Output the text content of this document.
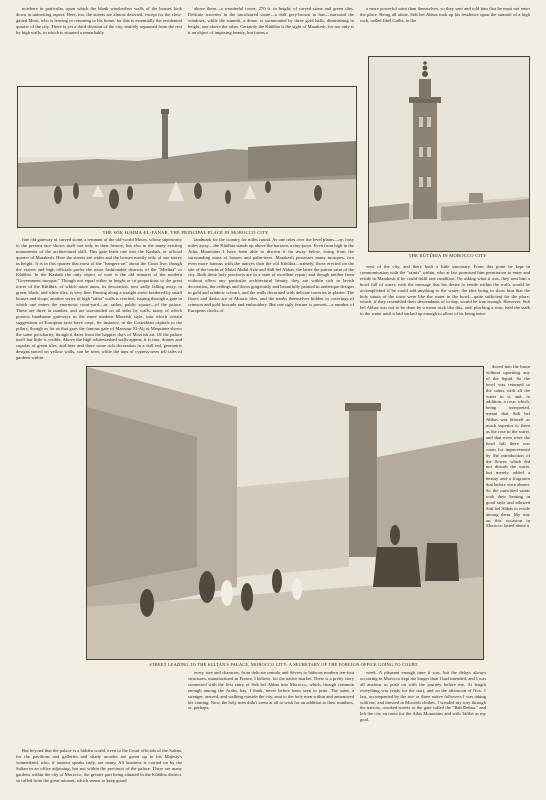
nowhere in particular, upon which the blank windowless walls of the houses look down in uninviting aspect. Here, too, the streets are almost deserted, except for the slow-gaited Moor, who is leaving or returning to his home, for this is essentially the residential quarter of the city. There is yet a third division of the city, entirely separated from the rest by high walls, in which is situated a remarkably

above them—a wonderful tower, 270 ft. in height, of carved stone and green tiles. Delicate traceries in the uncoloured stone—a dull grey-brown in hue—surround the windows, while the summit, a dome, is surmounted by three gold balls, diminishing in height, one above the other. Certainly the Kûtûbia is the sight of Marakesh, for not only is it an object of imposing beauty, but forms a

a more powerful saint than themselves, so they sent and told him that he must not enter the place. Being all alone, Sidi bel Abbas took up his residence upon the summit of a high rock, called Jibel Gallis, to the

THE SÓK JUMMA-EL-FANAR, THE PRINCIPAL PLACE IN MOROCCO CITY.
THE KÚTÚBIA IN MOROCCO CITY.

fine old gateway of carved stone, a remnant of the old-world Moors, whose superiority to the present race shows itself not only in their history, but also in the many existing monuments of the architectural skill. This gate leads one into the Kasbah, or official quarter of Marakesh. Here the streets are wider and the houses mostly only of one storey in height. It is in this quarter that most of the "hangers-on" about the Court live, though the viziers and high officials prefer the more fashionable districts of the "Medina" or Kûtûbia. In the Kasbah the only object of note is the old minaret of the modern "Government mosque." Though not equal either in height or in proportions to the great tower of the Kûtûbia, of which more anon, its decoration, now sadly falling away, in green, black, and white tiles, is very fine. Passing along a straight street bordered by small houses and shops, another series of high "tabia" walls is reached, issuing through a gate in which one enters the enormous court-yard—or, rather, public square—of the palace. These are three in number, and are surrounded on all sides by walls, many of which possess handsome gateways in the more modern Moorish style, into which certain suggestions of European taste have crept, for instance, in the Corinthian capitals to the pillars, though as far as that goes the famous gate of Mansour El-Alj at Mequinez shows the same peculiarity, though it dates from the happier days of Moorish art. Of the palace itself but little is visible. Above the high whitewashed walls appear, it is true, domes and cupolas of green tiles, and here and there some rich decoration in a dull red, geometric designs traced on yellow walls, can be seen; while the tops of cypress-trees tell tales of gardens within.

landmark for the country for miles round. As one rides over the level plains—ay, forty miles away—the Kûtûbia stands up above the horizon, a tiny point. Even from high in the Atlas Mountains I have been able to discern it far away below, rising from the surrounding mass of houses and palm-trees. Marakesh possesses many mosques, two even more famous with the natives than the old Kûtûbia—namely, those erected on the site of the tombs of Mulai Abdul Aziz and Sidi bel Abbas, the latter the patron saint of the city. Both these holy precincts are in a state of excellent repair; and though neither from without offers any particular architectural beauty, they are within rich in lavish decoration, the ceilings and doors gorgeously and beautifully painted in arabesque designs in gold and rainbow colours, and the walls decorated with delicate traceries in plaster. The floors and dados are of Mosaic tiles, and the tombs themselves hidden in coverings of crimson and gold brocade and embroidery. But one ugly feature is present—a number of European clocks of

west of the city, and there built a little sanctuary. From this point he kept in communication with the "saints" within, who at last promised him permission to enter and reside in Marakesh if he could fulfil one condition. On asking what it was, they sent him a bowl full of water, with the message that his desire to reside within the walls would be accomplished if he could add anything to the water; the idea being to show him that the holy saints of the town were like the water in the bowl—quite sufficient for the place, which, if they resembled their descendants of to-day, would be true enough. However, Sidi bel Abbas was not to be done by a mean trick like this, and, plucking a rose, held the stalk to the water until it had sucked up enough to allow of its being intro-

duced into the basin without upsetting any of the liquid. So the bowl was returned to the saints with all the water in it, and, in addition, a rose; which, being interpreted, meant that Sidi bel Abbas was himself as much superior to them as the rose to the water, and that even were the bowl full there was room for improvement by the introduction of the flower, which did not disturb the water, but merely added a beauty and a fragrance that before were absent. So the outwitted saints took their beating in good style and allowed Sidi bel Abbas to reside among them. My stay on this occasion in Morocco lasted about a

STREET LEADING TO THE SULTAN'S PALACE, MOROCCO CITY: A SECRETARY OF THE FOREIGN OFFICE GOING TO COURT.

every size and character, from delicate ormolu and Sèvres to hideous modern ten-foot structures, manufactured in France, I believe, for the native market. There is a pretty story connected with the first entry of Sidi bel Abbas into Morocco, which, though common enough among the Arabs, has, I think, never before been seen in print. The saint, a stranger, arrived, and walking outside the city, sent to the holy men within and announced his coming. Now, the holy men didn't seem at all to wish for an addition to their numbers, or, perhaps,

week. A pleasant enough time it was, but the delays always occurring in Morocco kept me longer than I had intended, and I was all anxious to push on with the journey before me. At length everything was ready for the start, and on the afternoon of Nov. 1 last, accompanied by the two or three native followers I was taking with me, and dressed in Moorish clothes, I wended my way through the narrow, crooked streets to the gate called the "Bab Debaa," and left the city en route for the Atlas Mountains and with Tafilet as my goal.

But beyond that the palace is a hidden world, even to the Court officials of the Sultan, for the pavilions and galleries and shady arcades are given up to his Majesty's womenkind, who, if rumour speaks truly, are many. All business is carried on by the Sultan in an office adjoining, but not within the precincts of the palace. There are many gardens within the city of Morocco, the greater part being situated in the Kûtûbia district, so called from the great minaret, which seems to keep guard
